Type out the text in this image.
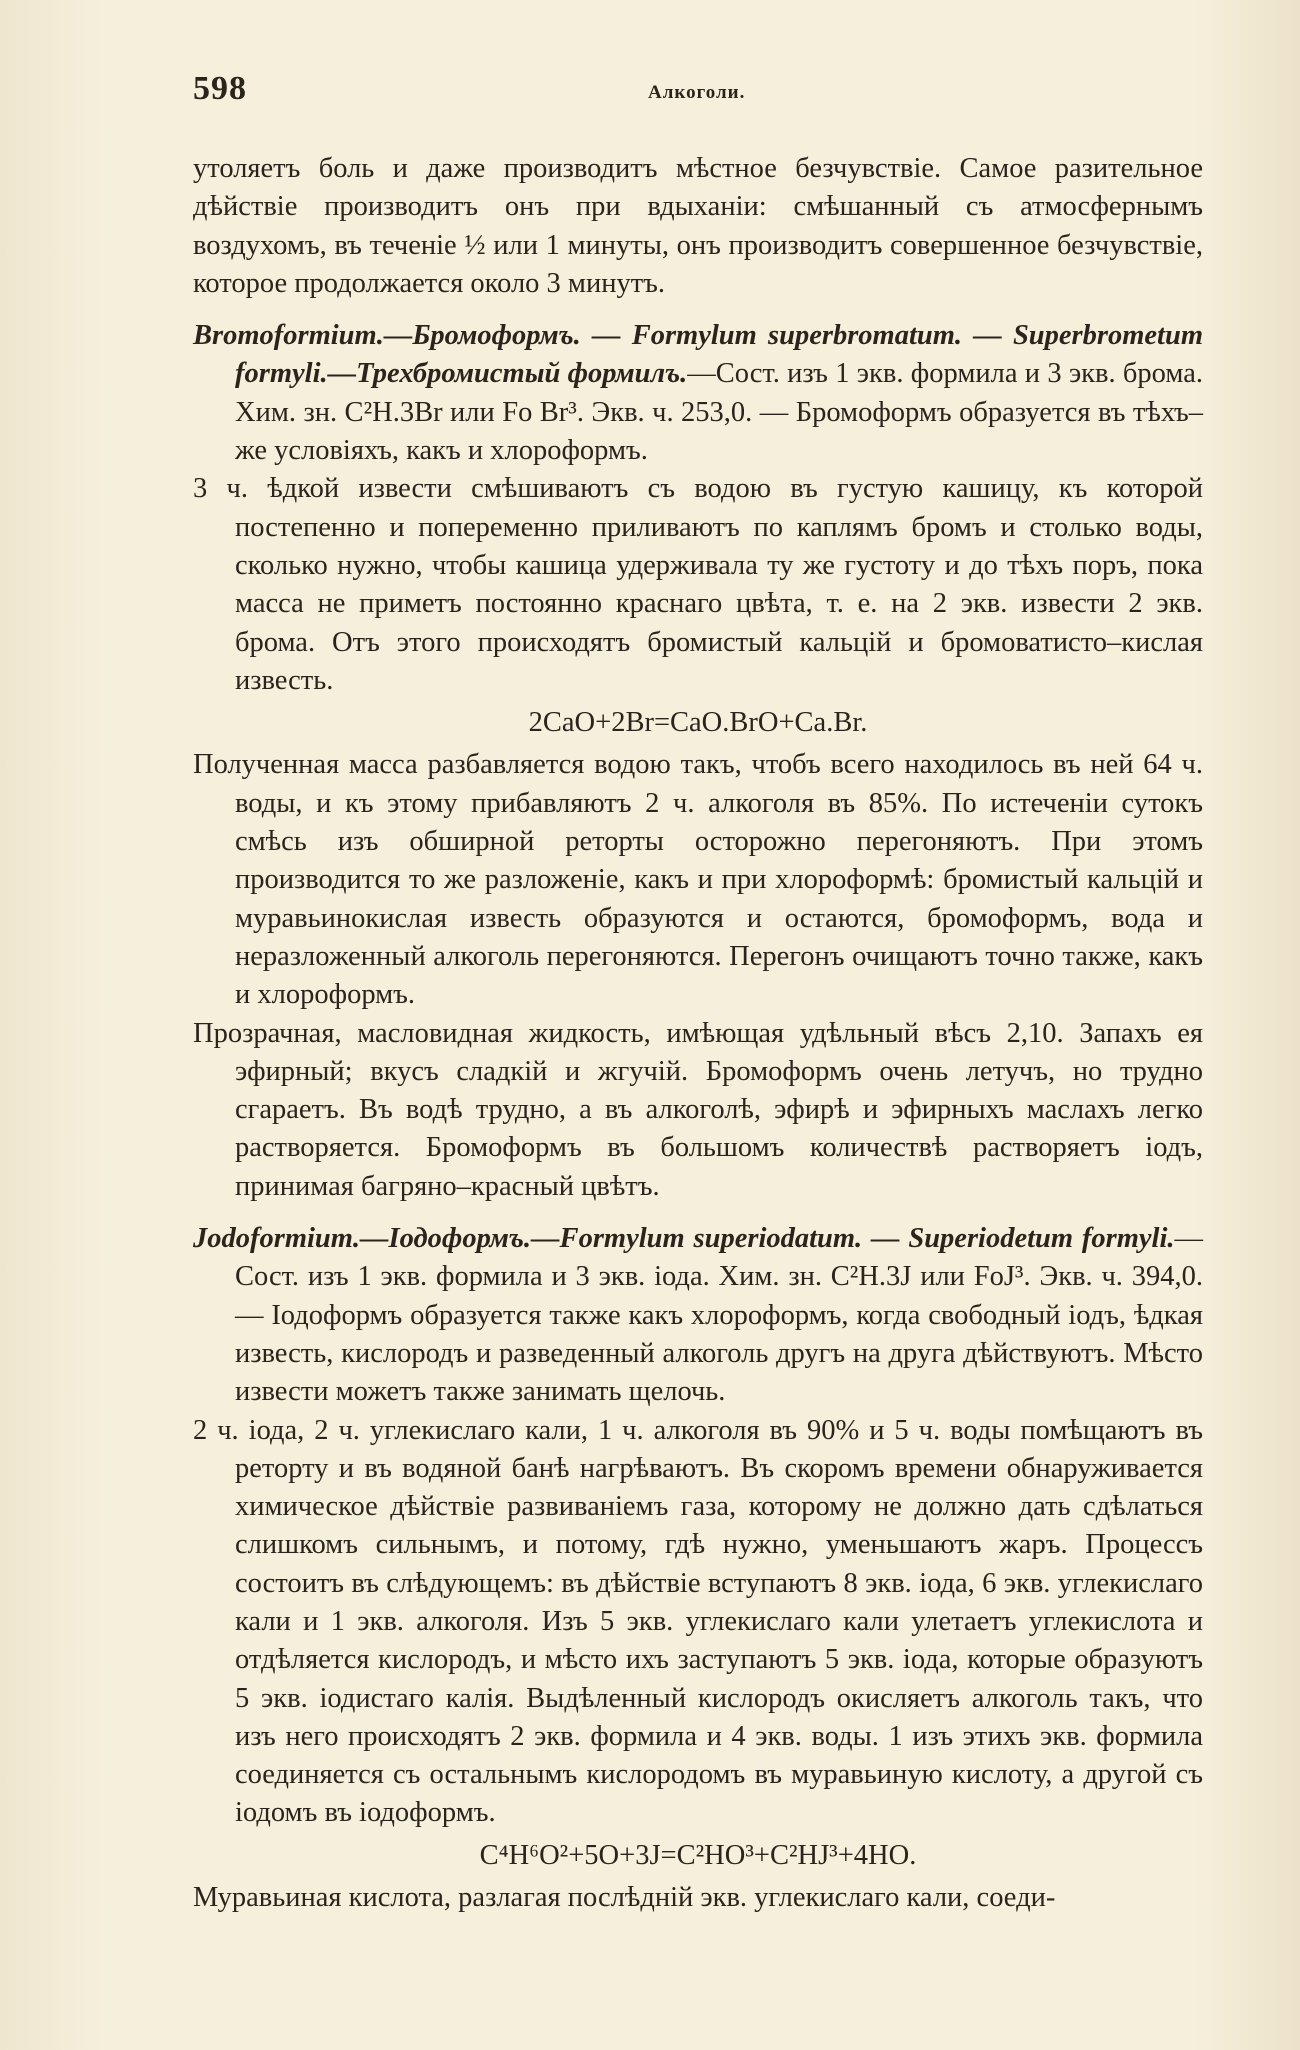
598	Алкоголи.

утоляетъ боль и даже производитъ мѣстное безчувствіе. Самое разительное дѣйствіе производитъ онъ при вдыханіи: смѣшанный съ атмосфернымъ воздухомъ, въ теченіе ½ или 1 минуты, онъ производитъ совершенное безчувствіе, которое продолжается около 3 минутъ.

Bromoformium.—Бромоформъ. — Formylum superbromatum. — Superbrometum formyli.—Трехбромистый формилъ.—Сост. изъ 1 экв. формила и 3 экв. брома. Хим. зн. C²H.3Br или Fo Br³. Экв. ч. 253,0. — Бромоформъ образуется въ тѣхъ–же условіяхъ, какъ и хлороформъ.

3 ч. ѣдкой извести смѣшиваютъ съ водою въ густую кашицу, къ которой постепенно и попеременно приливаютъ по каплямъ бромъ и столько воды, сколько нужно, чтобы кашица удерживала ту же густоту и до тѣхъ поръ, пока масса не приметъ постоянно краснаго цвѣта, т. е. на 2 экв. извести 2 экв. брома. Отъ этого происходятъ бромистый кальцій и бромоватисто–кислая известь.

2CaO+2Br=CaO.BrO+Ca.Br.

Полученная масса разбавляется водою такъ, чтобъ всего находилось въ ней 64 ч. воды, и къ этому прибавляютъ 2 ч. алкоголя въ 85%. По истеченіи сутокъ смѣсь изъ обширной реторты осторожно перегоняютъ. При этомъ производится то же разложеніе, какъ и при хлороформѣ: бромистый кальцій и муравьинокислая известь образуются и остаются, бромоформъ, вода и неразложенный алкоголь перегоняются. Перегонъ очищаютъ точно также, какъ и хлороформъ.

Прозрачная, масловидная жидкость, имѣющая удѣльный вѣсъ 2,10. Запахъ ея эфирный; вкусъ сладкій и жгучій. Бромоформъ очень летучъ, но трудно сгараетъ. Въ водѣ трудно, а въ алкоголѣ, эфирѣ и эфирныхъ маслахъ легко растворяется. Бромоформъ въ большомъ количествѣ растворяетъ іодъ, принимая багряно–красный цвѣтъ.

Jodoformium.—Іодоформъ.—Formylum superiodatum. — Superiodetum formyli.—Сост. изъ 1 экв. формила и 3 экв. іода. Хим. зн. C²H.3J или FoJ³. Экв. ч. 394,0. — Іодоформъ образуется также какъ хлороформъ, когда свободный іодъ, ѣдкая известь, кислородъ и разведенный алкоголь другъ на друга дѣйствуютъ. Мѣсто извести можетъ также занимать щелочь.

2 ч. іода, 2 ч. углекислаго кали, 1 ч. алкоголя въ 90% и 5 ч. воды помѣщаютъ въ реторту и въ водяной банѣ нагрѣваютъ. Въ скоромъ времени обнаруживается химическое дѣйствіе развиваніемъ газа, которому не должно дать сдѣлаться слишкомъ сильнымъ, и потому, гдѣ нужно, уменьшаютъ жаръ. Процессъ состоитъ въ слѣдующемъ: въ дѣйствіе вступаютъ 8 экв. іода, 6 экв. углекислаго кали и 1 экв. алкоголя. Изъ 5 экв. углекислаго кали улетаетъ углекислота и отдѣляется кислородъ, и мѣсто ихъ заступаютъ 5 экв. іода, которые образуютъ 5 экв. іодистаго калія. Выдѣленный кислородъ окисляетъ алкоголь такъ, что изъ него происходятъ 2 экв. формила и 4 экв. воды. 1 изъ этихъ экв. формила соединяется съ остальнымъ кислородомъ въ муравьиную кислоту, а другой съ іодомъ въ іодоформъ.

C⁴H⁶O²+5O+3J=C²HO³+C²HJ³+4HO.

Муравьиная кислота, разлагая послѣдній экв. углекислаго кали, соеди-
